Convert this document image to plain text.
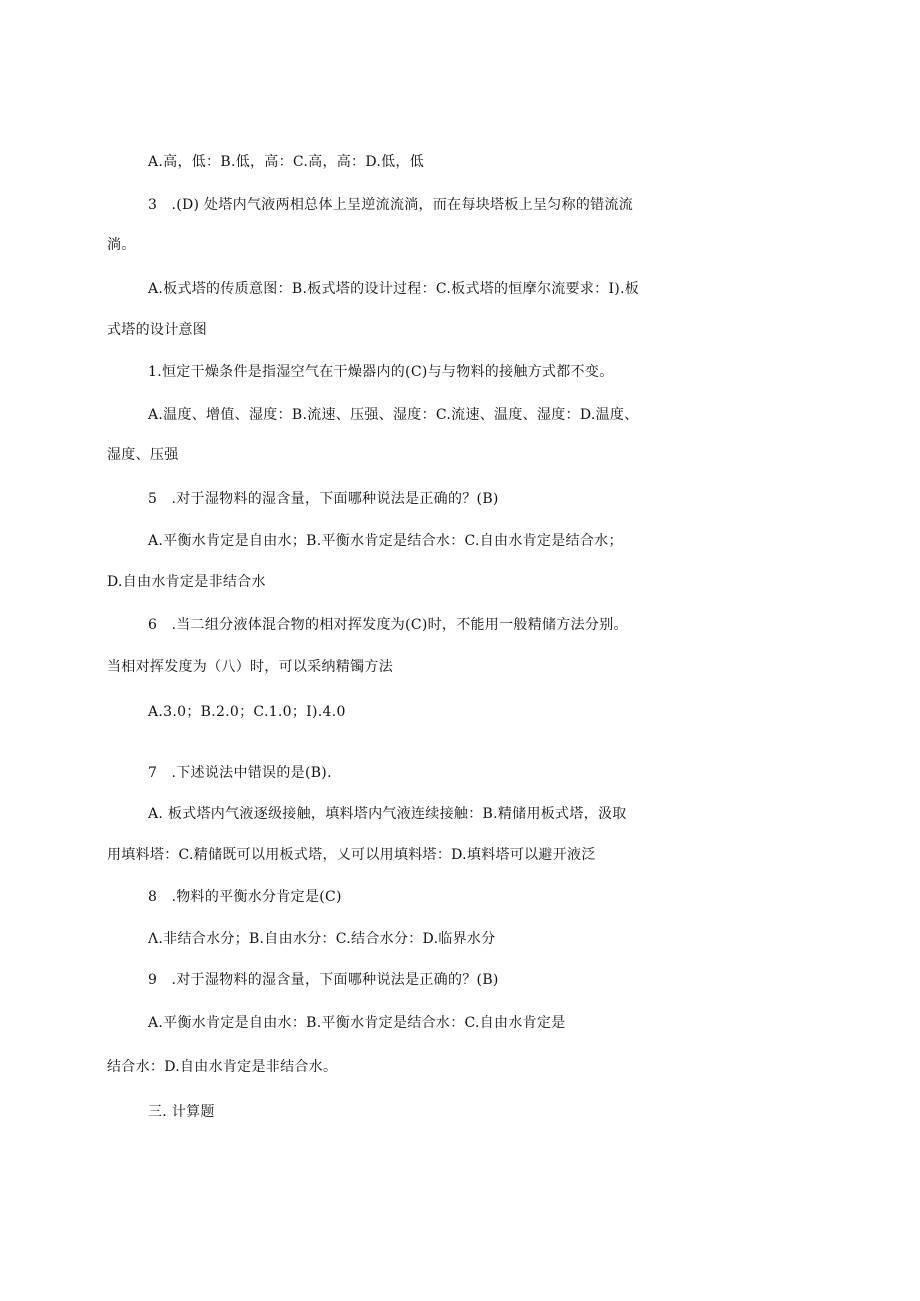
A.高，低：B.低，高：C.高，高：D.低，低
3　.(D) 处塔内气液两相总体上呈逆流流淌，而在每块塔板上呈匀称的错流流
淌。
A.板式塔的传质意图：B.板式塔的设计过程：C.板式塔的恒摩尔流要求：I).板
式塔的设计意图
1.恒定干燥条件是指湿空气在干燥器内的(C)与与物料的接触方式都不变。
A.温度、增值、湿度：B.流速、压强、湿度：C.流速、温度、湿度：D.温度、
湿度、压强
5　.对于湿物料的湿含量，下面哪种说法是正确的？(B)
A.平衡水肯定是自由水；B.平衡水肯定是结合水：C.自由水肯定是结合水；
D.自由水肯定是非结合水
6　.当二组分液体混合物的相对挥发度为(C)时，不能用一般精储方法分别。
当相对挥发度为（八）时，可以采纳精镯方法
A.3.0；B.2.0；C.1.0；I).4.0
7　.下述说法中错误的是(B).
A. 板式塔内气液逐级接触，填料塔内气液连续接触：B.精储用板式塔，汲取
用填料塔：C.精储既可以用板式塔，乂可以用填料塔：D.填料塔可以避开液泛
8　.物料的平衡水分肯定是(C)
Λ.非结合水分；B.自由水分：C.结合水分：D.临界水分
9　.对于湿物料的湿含量，下面哪种说法是正确的？(B)
A.平衡水肯定是自由水：B.平衡水肯定是结合水：C.自由水肯定是
结合水：D.自由水肯定是非结合水。
三. 计算题
